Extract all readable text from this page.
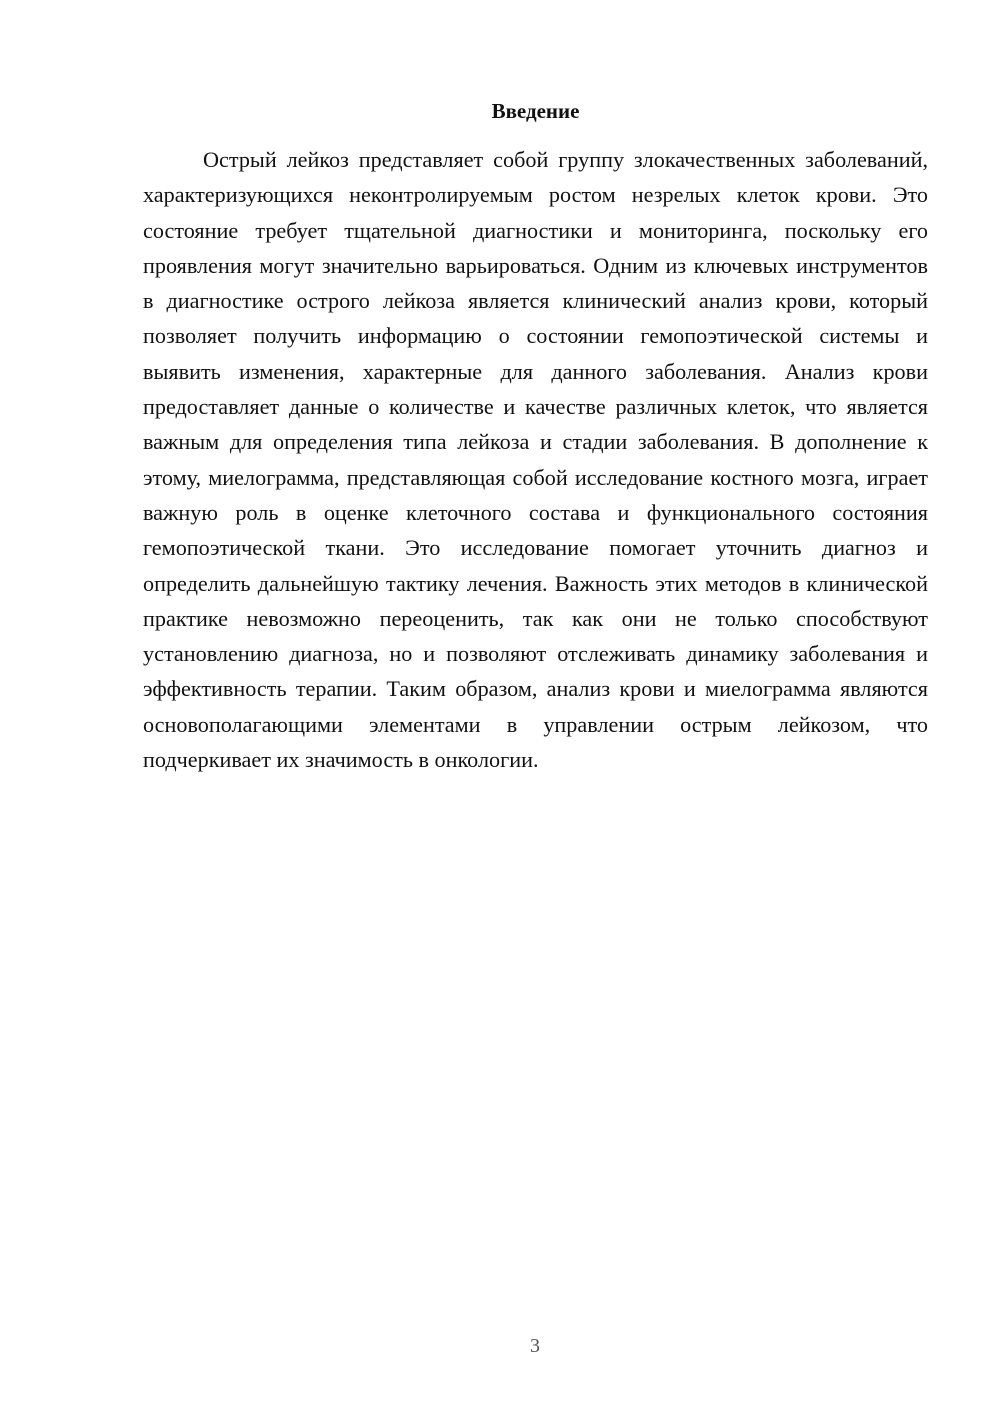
Введение

Острый лейкоз представляет собой группу злокачественных заболеваний, характеризующихся неконтролируемым ростом незрелых клеток крови. Это состояние требует тщательной диагностики и мониторинга, поскольку его проявления могут значительно варьироваться. Одним из ключевых инструментов в диагностике острого лейкоза является клинический анализ крови, который позволяет получить информацию о состоянии гемопоэтической системы и выявить изменения, характерные для данного заболевания. Анализ крови предоставляет данные о количестве и качестве различных клеток, что является важным для определения типа лейкоза и стадии заболевания. В дополнение к этому, миелограмма, представляющая собой исследование костного мозга, играет важную роль в оценке клеточного состава и функционального состояния гемопоэтической ткани. Это исследование помогает уточнить диагноз и определить дальнейшую тактику лечения. Важность этих методов в клинической практике невозможно переоценить, так как они не только способствуют установлению диагноза, но и позволяют отслеживать динамику заболевания и эффективность терапии. Таким образом, анализ крови и миелограмма являются основополагающими элементами в управлении острым лейкозом, что подчеркивает их значимость в онкологии.

3
